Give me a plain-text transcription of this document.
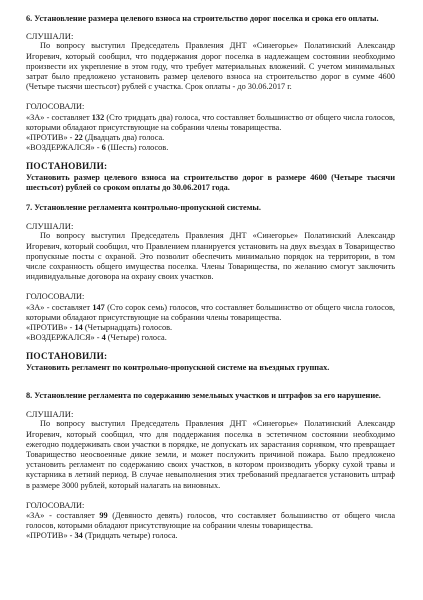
6. Установление размера целевого взноса на строительство дорог поселка и срока его оплаты.

СЛУШАЛИ:

По вопросу выступил Председатель Правления ДНТ «Синегорье» Полатинский Александр Игоревич, который сообщил, что поддержания дорог поселка в надлежащем состоянии необходимо произвести их укрепление в этом году, что требует материальных вложений. С учетом минимальных затрат было предложено установить размер целевого взноса на строительство дорог в сумме 4600 (Четыре тысячи шестьсот) рублей с участка. Срок оплаты - до 30.06.2017 г.

ГОЛОСОВАЛИ:

«ЗА» - составляет 132 (Сто тридцать два) голоса, что составляет большинство от общего числа голосов, которыми обладают присутствующие на собрании члены товарищества.

«ПРОТИВ» - 22 (Двадцать два) голоса.

«ВОЗДЕРЖАЛСЯ» - 6 (Шесть) голосов.

ПОСТАНОВИЛИ:

Установить размер целевого взноса на строительство дорог в размере 4600 (Четыре тысячи шестьсот) рублей со сроком оплаты до 30.06.2017 года.

7. Установление регламента контрольно-пропускной системы.

СЛУШАЛИ:

По вопросу выступил Председатель Правления ДНТ «Синегорье» Полатинский Александр Игоревич, который сообщил, что Правлением планируется установить на двух въездах в Товарищество пропускные посты с охраной. Это позволит обеспечить минимально порядок на территории, в том числе сохранность общего имущества поселка. Члены Товарищества, по желанию смогут заключить индивидуальные договора на охрану своих участков.

ГОЛОСОВАЛИ:

«ЗА» - составляет 147 (Сто сорок семь) голосов, что составляет большинство от общего числа голосов, которыми обладают присутствующие на собрании члены товарищества.

«ПРОТИВ» - 14 (Четырнадцать) голосов.

«ВОЗДЕРЖАЛСЯ» - 4 (Четыре) голоса.

ПОСТАНОВИЛИ:

Установить регламент по контрольно-пропускной системе на въездных группах.

8. Установление регламента по содержанию земельных участков и штрафов за его нарушение.

СЛУШАЛИ:

По вопросу выступил Председатель Правления ДНТ «Синегорье» Полатинский Александр Игоревич, который сообщил, что для поддержания поселка в эстетичном состоянии необходимо ежегодно поддерживать свои участки в порядке, не допускать их зарастания сорняком, что превращает Товарищество неосвоенные дикие земли, и может послужить причиной пожара. Было предложено установить регламент по содержанию своих участков, в котором производить уборку сухой травы и кустарника в летний период. В случае невыполнения этих требований предлагается установить штраф в размере 3000 рублей, который налагать на виновных.

ГОЛОСОВАЛИ:

«ЗА» - составляет 99 (Девяносто девять) голосов, что составляет большинство от общего числа голосов, которыми обладают присутствующие на собрании члены товарищества.

«ПРОТИВ» - 34 (Тридцать четыре) голоса.
